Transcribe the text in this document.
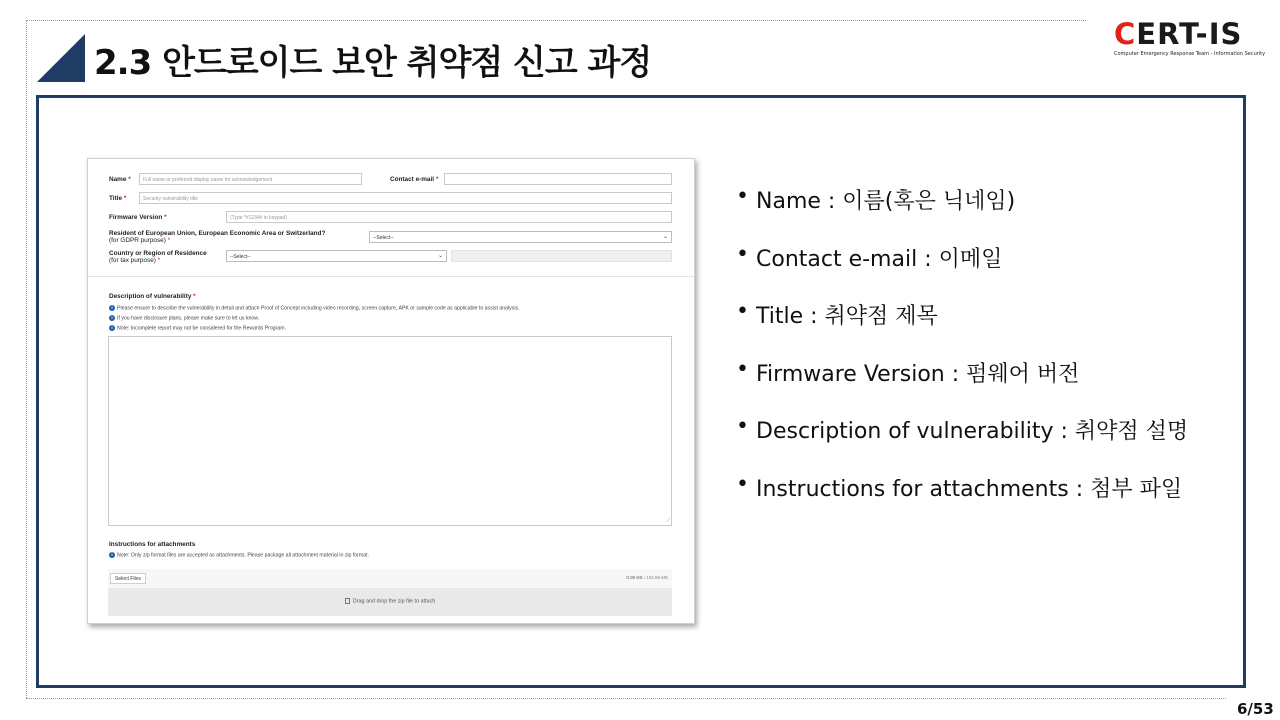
2.3 안드로이드 보안 취약점 신고 과정
CERT-IS
Computer Emergency Response Team - Information Security
Name *	Full name or preferred display name for acknowledgement	Contact e-mail *
Title *	Security vulnerability title
Firmware Version *	(Type *#1234# in keypad)
Resident of European Union, European Economic Area or Switzerland?
(for GDPR purpose) *	--Select--	⌄
Country or Region of Residence
(for tax purpose) *
--Select--	⌄
Description of vulnerability *
i Please ensure to describe the vulnerability in detail and attach Proof of Concept including video recording, screen capture, APK or sample code as applicable to assist analysis.
i If you have disclosure plans, please make sure to let us know.
i Note: Incomplete report may not be considered for the Rewards Program.
⟋
Instructions for attachments
i Note: Only zip format files are accepted as attachments. Please package all attachment material in zip format.
Select Files	0.00 KB / 104.86 MB
Drag and drop the zip file to attach
• Name : 이름(혹은 닉네임)
• Contact e-mail : 이메일
• Title : 취약점 제목
• Firmware Version : 펌웨어 버전
• Description of vulnerability : 취약점 설명
• Instructions for attachments : 첨부 파일
6/53
